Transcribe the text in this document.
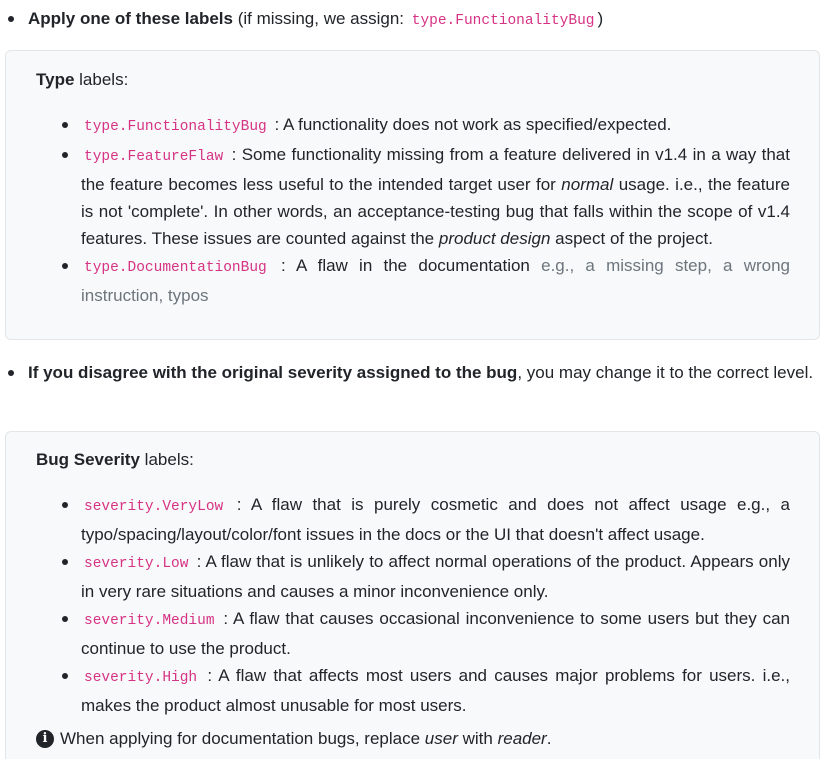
Apply one of these labels (if missing, we assign: type.FunctionalityBug )
Type labels:
type.FunctionalityBug : A functionality does not work as specified/expected.
type.FeatureFlaw : Some functionality missing from a feature delivered in v1.4 in a way that the feature becomes less useful to the intended target user for normal usage. i.e., the feature is not 'complete'. In other words, an acceptance-testing bug that falls within the scope of v1.4 features. These issues are counted against the product design aspect of the project.
type.DocumentationBug : A flaw in the documentation e.g., a missing step, a wrong instruction, typos
If you disagree with the original severity assigned to the bug, you may change it to the correct level.
Bug Severity labels:
severity.VeryLow : A flaw that is purely cosmetic and does not affect usage e.g., a typo/spacing/layout/color/font issues in the docs or the UI that doesn't affect usage.
severity.Low : A flaw that is unlikely to affect normal operations of the product. Appears only in very rare situations and causes a minor inconvenience only.
severity.Medium : A flaw that causes occasional inconvenience to some users but they can continue to use the product.
severity.High : A flaw that affects most users and causes major problems for users. i.e., makes the product almost unusable for most users.
i When applying for documentation bugs, replace user with reader.
